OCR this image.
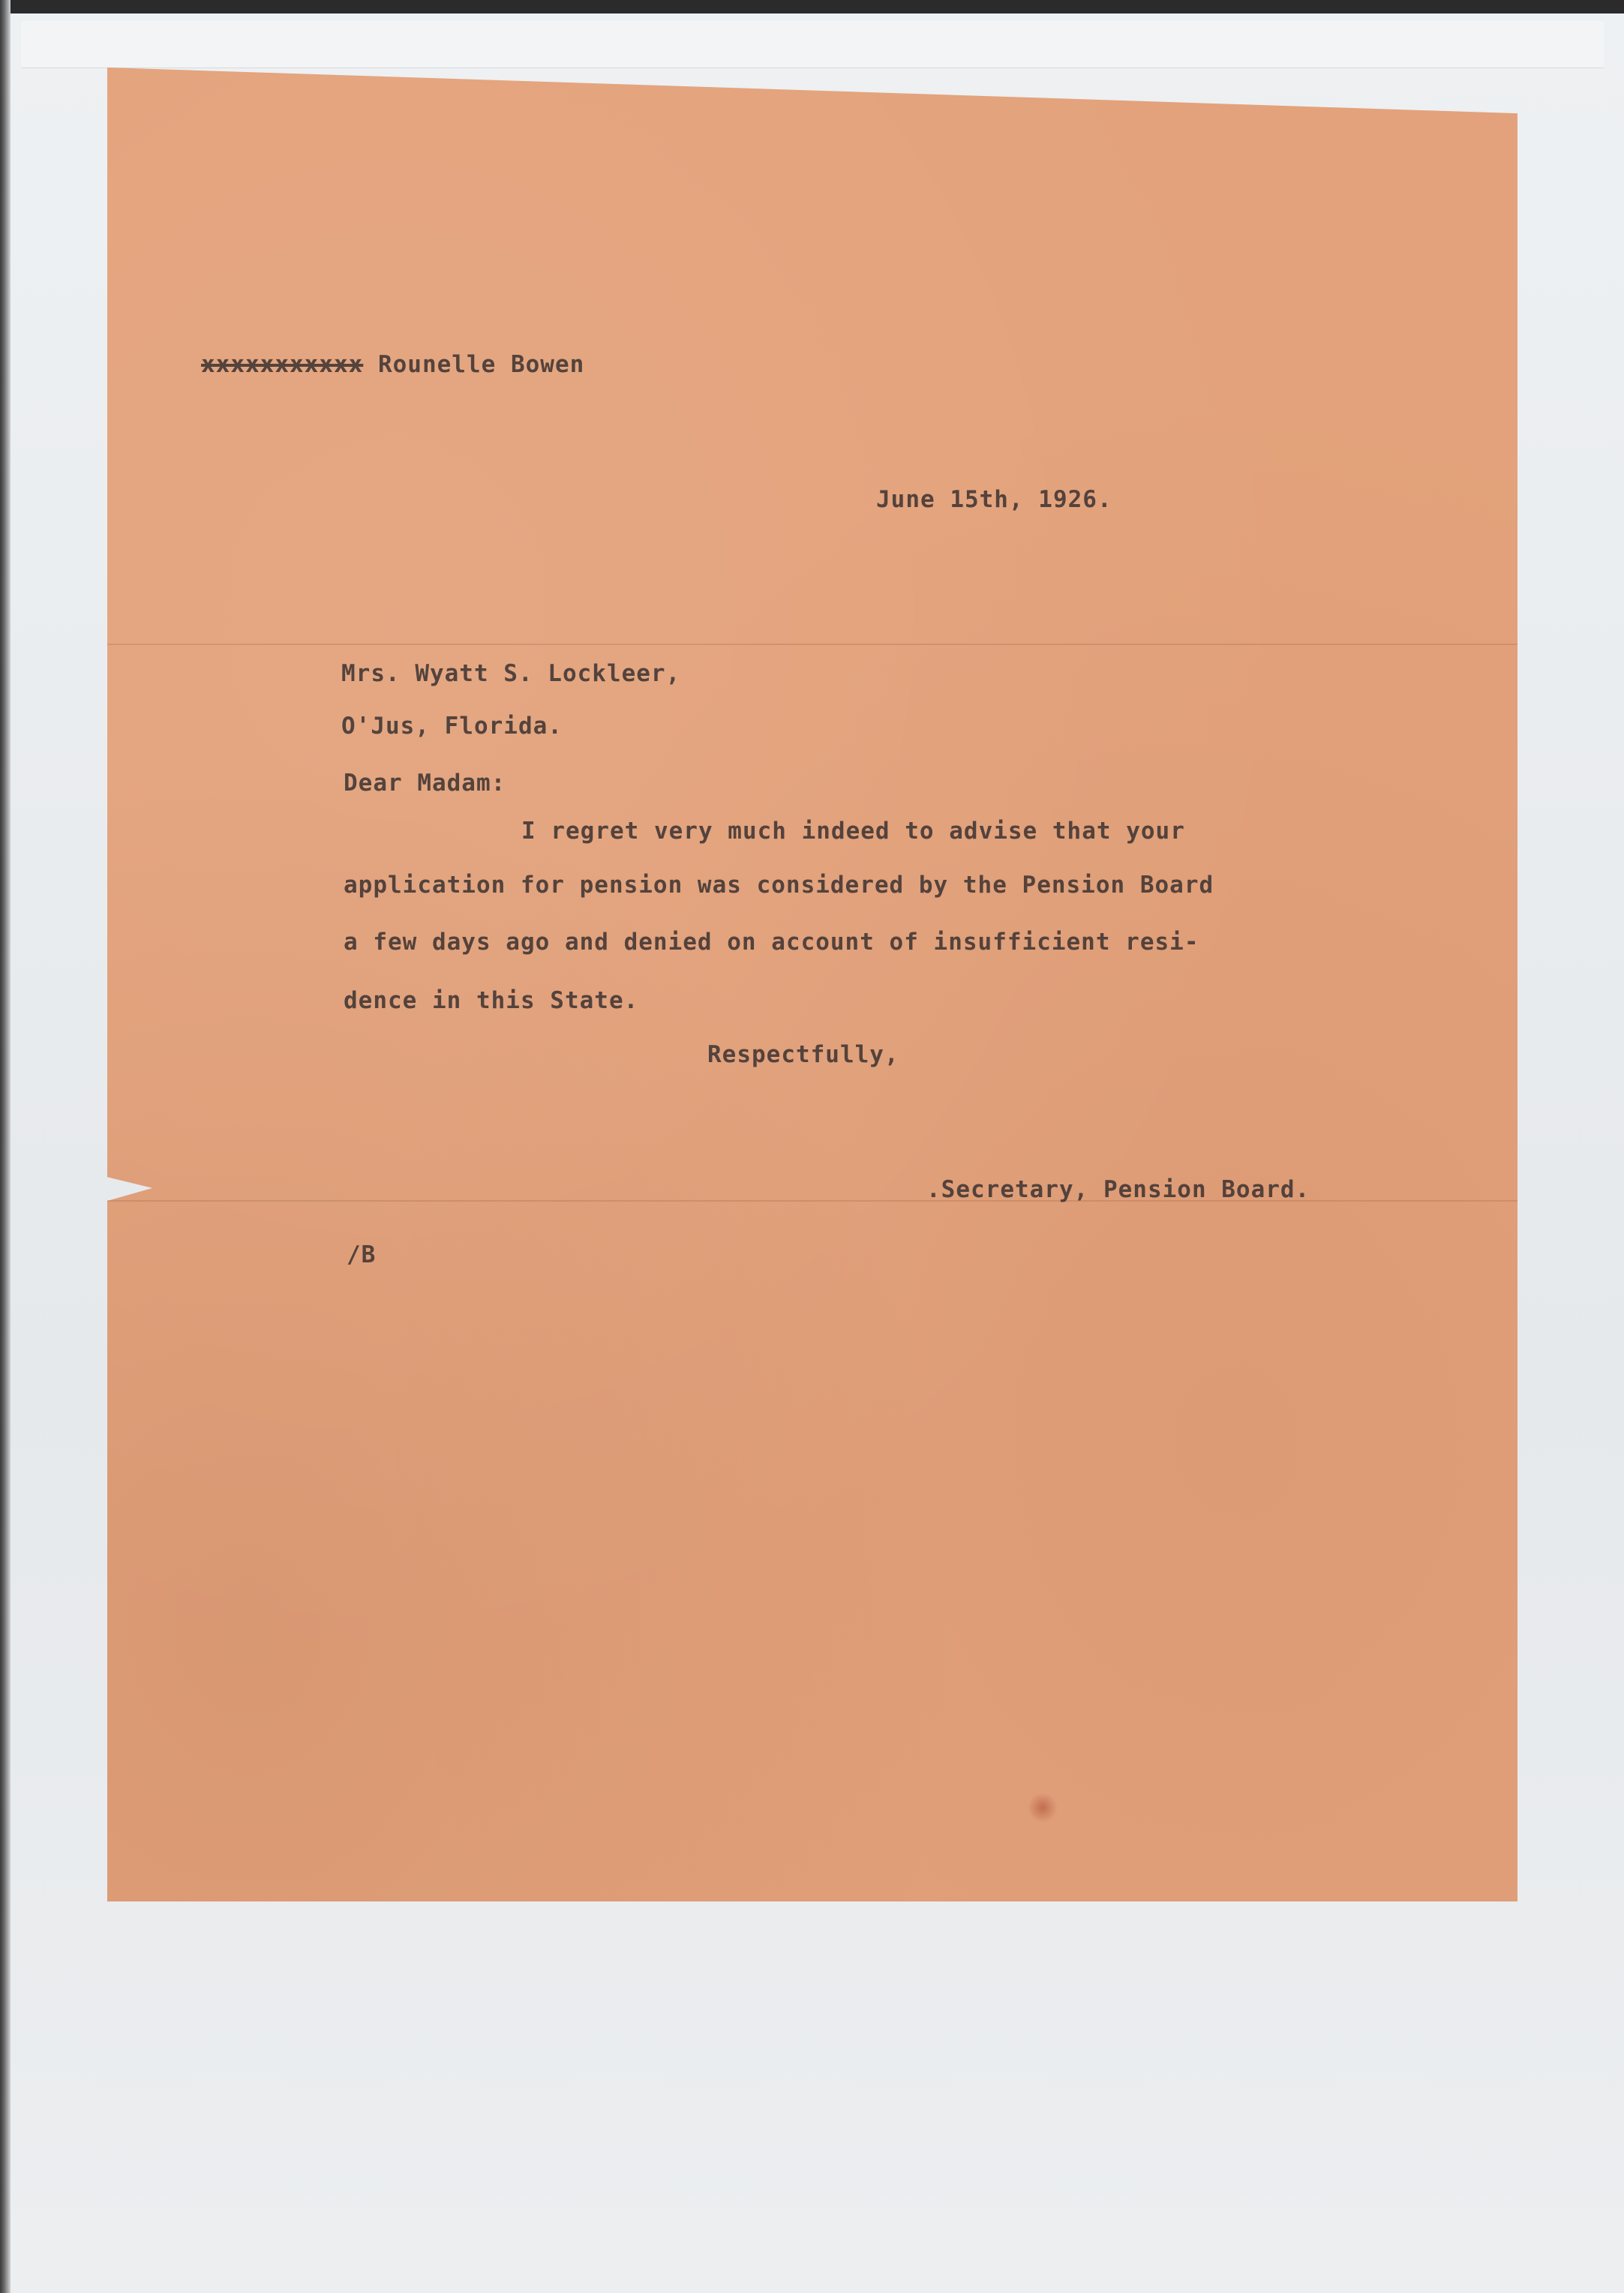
xxxxxxxxxxx Rounelle Bowen
June 15th, 1926.
Mrs. Wyatt S. Lockleer,
O'Jus, Florida.
Dear Madam:
I regret very much indeed to advise that your
application for pension was considered by the Pension Board
a few days ago and denied on account of insufficient resi-
dence in this State.
Respectfully,
.Secretary, Pension Board.
/B
